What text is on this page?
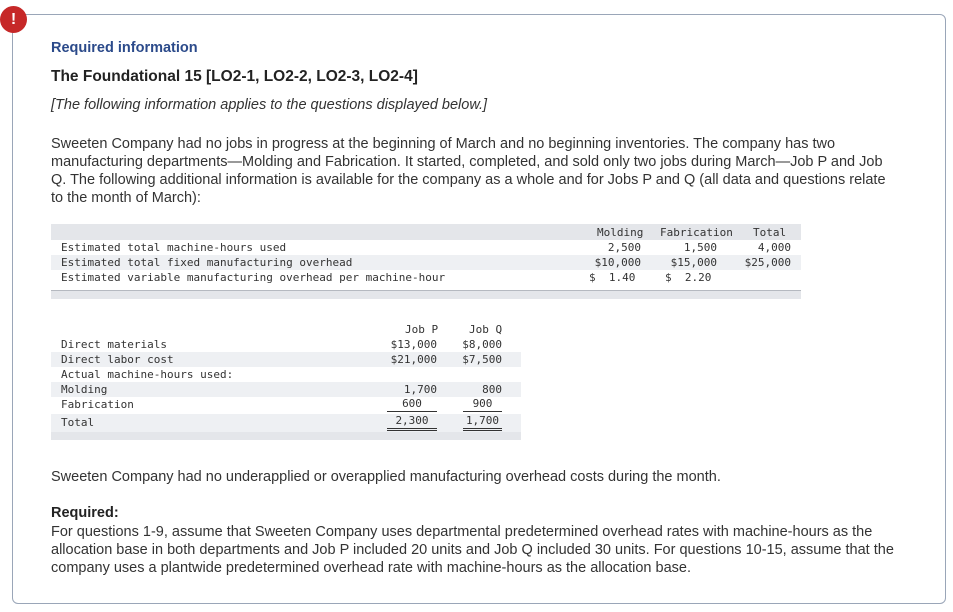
!
Required information
The Foundational 15 [LO2-1, LO2-2, LO2-3, LO2-4]
[The following information applies to the questions displayed below.]
Sweeten Company had no jobs in progress at the beginning of March and no beginning inventories. The company has two manufacturing departments—Molding and Fabrication. It started, completed, and sold only two jobs during March—Job P and Job Q. The following additional information is available for the company as a whole and for Jobs P and Q (all data and questions relate to the month of March):
Molding Fabrication Total
Estimated total machine-hours used	2,500	1,500	4,000
Estimated total fixed manufacturing overhead	$10,000	$15,000	$25,000
Estimated variable manufacturing overhead per machine-hour	$  1.40	$  2.20
Job P	Job Q
Direct materials	$13,000	$8,000
Direct labor cost	$21,000	$7,500
Actual machine-hours used:
Molding	1,700	800
Fabrication	600	900
Total	2,300	1,700
Sweeten Company had no underapplied or overapplied manufacturing overhead costs during the month.
Required:
For questions 1-9, assume that Sweeten Company uses departmental predetermined overhead rates with machine-hours as the allocation base in both departments and Job P included 20 units and Job Q included 30 units. For questions 10-15, assume that the company uses a plantwide predetermined overhead rate with machine-hours as the allocation base.
